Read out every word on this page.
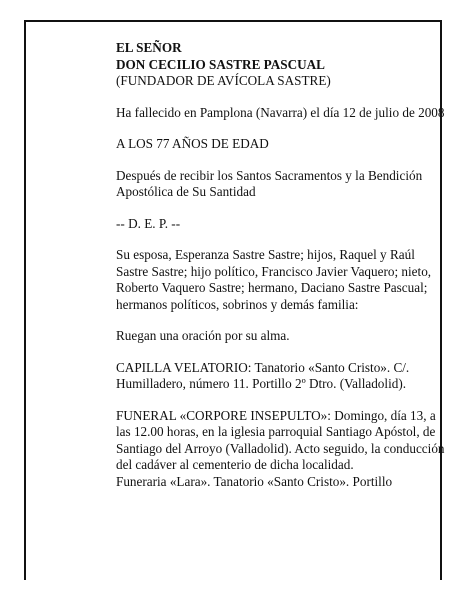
EL SEÑOR
DON CECILIO SASTRE PASCUAL
(FUNDADOR DE AVÍCOLA SASTRE)

Ha fallecido en Pamplona (Navarra) el día 12 de julio de 2008

A LOS 77 AÑOS DE EDAD

Después de recibir los Santos Sacramentos y la Bendición Apostólica de Su Santidad

-- D. E. P. --

Su esposa, Esperanza Sastre Sastre; hijos, Raquel y Raúl Sastre Sastre; hijo político, Francisco Javier Vaquero; nieto, Roberto Vaquero Sastre; hermano, Daciano Sastre Pascual; hermanos políticos, sobrinos y demás familia:

Ruegan una oración por su alma.

CAPILLA VELATORIO: Tanatorio «Santo Cristo». C/. Humilladero, número 11. Portillo 2º Dtro. (Valladolid).

FUNERAL «CORPORE INSEPULTO»: Domingo, día 13, a las 12.00 horas, en la iglesia parroquial Santiago Apóstol, de Santiago del Arroyo (Valladolid). Acto seguido, la conducción del cadáver al cementerio de dicha localidad.

Funeraria «Lara». Tanatorio «Santo Cristo». Portillo
